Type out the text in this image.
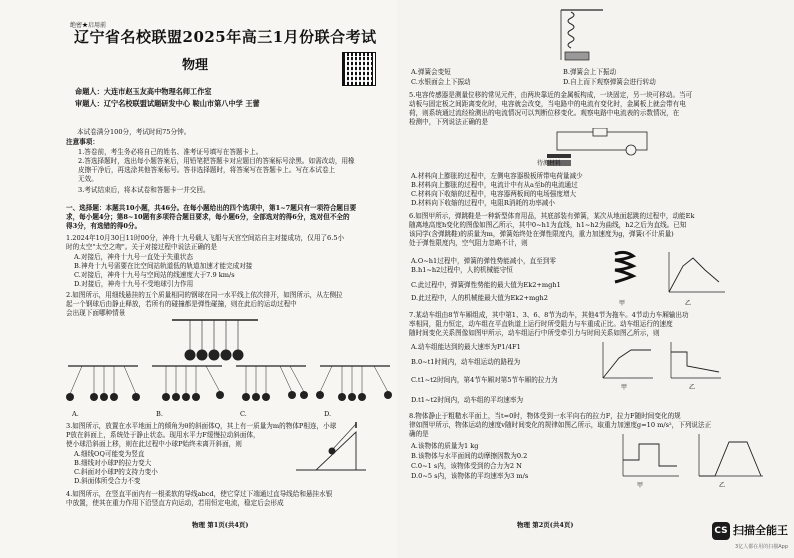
绝密★启用前
辽宁省名校联盟2025年高三1月份联合考试
物理
命题人：大连市赵玉友高中物理名师工作室
审题人：辽宁名校联盟试题研发中心 鞍山市第八中学 王蕾
本试卷满分100分，考试时间75分钟。
注意事项：
1.答卷前，考生务必将自己的姓名、准考证号填写在答题卡上。
2.答选择题时，选出每小题答案后，用铅笔把答题卡对应题目的答案标号涂黑。如需改动，用橡
皮擦干净后，再选涂其他答案标号。答非选择题时，将答案写在答题卡上。写在本试卷上
无效。
3.考试结束后，将本试卷和答题卡一并交回。
一、选择题：本题共10小题，共46分。在每小题给出的四个选项中，第1~7题只有一项符合题目要
求，每小题4分；第8~10题有多项符合题目要求，每小题6分，全部选对的得6分，选对但不全的
得3分，有选错的得0分。
1.2024年10月30日11时00分，神舟十九号载人飞船与天宫空间站自主对接成功，仅用了6.5小
时的太空"太空之吻"。关于对接过程中说法正确的是
A.对接后，神舟十九号一直处于失重状态
B.神舟十九号需要在比空间站轨道低的轨道加速才能完成对接
C.对接后，神舟十九号与空间站的线速度大于7.9 km/s
D.对接后，神舟十九号不受地球引力作用
2.如图所示，用细线悬挂的五个质量相同的钢球在同一水平线上依次排开，如图所示，从左侧拉
起一个钢球后由静止释放，若所有的碰撞都是弹性碰撞，则在此后的运动过程中
会出现下面哪种情景
A.	B.	C.	D.
3.如图所示，放置在水平地面上的倾角为θ的斜面体Q，其上有一质量为m的物体P相连，小球
P放在斜面上，系统处于静止状态。现用水平力F缓慢拉动斜面体，
使小球沿斜面上移，则在此过程中小球P始终未离开斜面，则
A.细线OQ可能变为竖直
B.细线对小球P的拉力变大
C.斜面对小球P的支持力变小
D.斜面体所受合力不变
4.如图所示，在竖直平面内有一根柔软的导线abcd，使它穿过下端通过直导线给和悬挂水银
中放置，使其在重力作用下沿竖直方向运动，若用恒定电流，稳定后会形成
物理 第1页(共4页)
A.弹簧会变短	B.弹簧会上下振动
C.水银面会上下振动	D.自上而下观察弹簧会进行转动
5.电容传感器是测量位移的常见元件，由两块靠近的金属板构成，一块固定，另一块可移动。当可
动板与固定板之间距离变化时，电容就会改变，当电路中的电流有变化时，金属板上就会带有电
荷，则系统通过流经检测出的电流情况可以判断位移变化。观察电路中电流表的示数情况，在
检测中，下列说法正确的是
待测材料
A.材料向上膨胀的过程中，左侧电容器极板所带电荷量减少
B.材料向上膨胀的过程中，电流计中有从a至b的电流通过
C.材料向下收缩的过程中，电容器两板间的电场强度增大
D.材料向下收缩的过程中，电阻R消耗的功率减小
6.如图甲所示，弹跳鞋是一种新型体育用品，其底部装有弹簧，某次从地面起跳的过程中，动能Ek
随离地高度h变化的图像如图乙所示，其中0~h1为直线，h1~h2为曲线，h2之后为直线。已知
该同学(含弹跳鞋)的质量为m，弹簧始终处在弹性限度内，重力加速度为g，弹簧(不计质量)
处于弹性限度内，空气阻力忽略不计，则
A.O~h1过程中，弹簧的弹性势能减小，直至到零
B.h1~h2过程中，人的机械能守恒
C.此过程中，弹簧弹性势能的最大值为Ek2+mgh1
D.此过程中，人的机械能最大值为Ek2+mgh2
甲	乙
7.某动车组由8节车厢组成，其中第1、3、6、8节为动车，其他4节为拖车。4节动力车厢输出功
率相同，阻力恒定，动车组在平直轨道上运行时所受阻力与车重成正比。动车组运行的速度
随时间变化关系图像如图甲所示，动车组运行中所受牵引力与时间关系如图乙所示，则
A.动车组能达到的最大速率为P1/4F1
B.0~t1时间内，动车组运动的路程为
C.t1~t2时间内，第4节车厢对第5节车厢的拉力为
D.t1~t2时间内，动车组的平均速率为
甲	乙
8.物体静止于粗糙水平面上，当t=0时，物体受到一水平向右的拉力F，拉力F随时间变化的规
律如图甲所示，物体运动的速度v随时间变化的规律如图乙所示，取重力加速度g=10 m/s²，下列说法正
确的是
A.该物体的质量为1 kg
B.该物体与水平面间的动摩擦因数为0.2
C.0~1 s内，该物体受到的合力为2 N
D.0~5 s内，该物体的平均速率为3 m/s
甲	乙
物理 第2页(共4页)
CS 扫描全能王
3亿人都在用的扫描App
